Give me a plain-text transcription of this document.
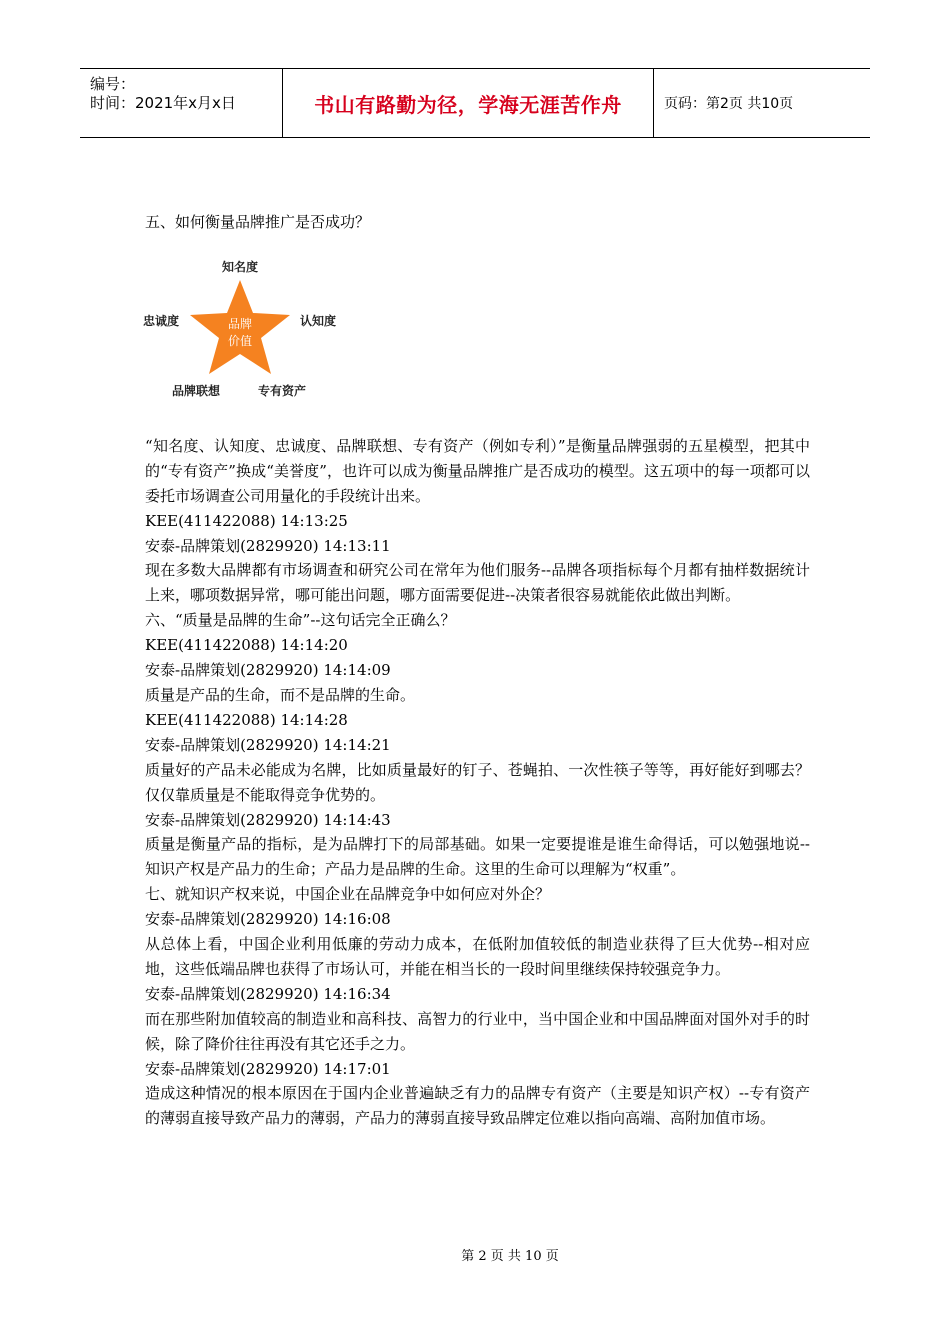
编号：
时间：2021年x月x日	书山有路勤为径，学海无涯苦作舟	页码：第2页 共10页

五、如何衡量品牌推广是否成功？

“知名度、认知度、忠诚度、品牌联想、专有资产（例如专利）”是衡量品牌强弱的五星模型，把其中的“专有资产”换成“美誉度”，也许可以成为衡量品牌推广是否成功的模型。这五项中的每一项都可以委托市场调查公司用量化的手段统计出来。

KEE(411422088) 14:13:25

安泰-品牌策划(2829920) 14:13:11

现在多数大品牌都有市场调查和研究公司在常年为他们服务--品牌各项指标每个月都有抽样数据统计上来，哪项数据异常，哪可能出问题，哪方面需要促进--决策者很容易就能依此做出判断。

六、“质量是品牌的生命”--这句话完全正确么？

KEE(411422088) 14:14:20

安泰-品牌策划(2829920) 14:14:09

质量是产品的生命，而不是品牌的生命。

KEE(411422088) 14:14:28

安泰-品牌策划(2829920) 14:14:21

质量好的产品未必能成为名牌，比如质量最好的钉子、苍蝇拍、一次性筷子等等，再好能好到哪去？仅仅靠质量是不能取得竞争优势的。

安泰-品牌策划(2829920) 14:14:43

质量是衡量产品的指标，是为品牌打下的局部基础。如果一定要提谁是谁生命得话，可以勉强地说--知识产权是产品力的生命；产品力是品牌的生命。这里的生命可以理解为“权重”。

七、就知识产权来说，中国企业在品牌竞争中如何应对外企？

安泰-品牌策划(2829920) 14:16:08

从总体上看，中国企业利用低廉的劳动力成本，在低附加值较低的制造业获得了巨大优势--相对应地，这些低端品牌也获得了市场认可，并能在相当长的一段时间里继续保持较强竞争力。

安泰-品牌策划(2829920) 14:16:34

而在那些附加值较高的制造业和高科技、高智力的行业中，当中国企业和中国品牌面对国外对手的时候，除了降价往往再没有其它还手之力。

安泰-品牌策划(2829920) 14:17:01

造成这种情况的根本原因在于国内企业普遍缺乏有力的品牌专有资产（主要是知识产权）--专有资产的薄弱直接导致产品力的薄弱，产品力的薄弱直接导致品牌定位难以指向高端、高附加值市场。

知名度
认知度
忠诚度
品牌联想	专有资产
品牌
价值
第 2 页 共 10 页
